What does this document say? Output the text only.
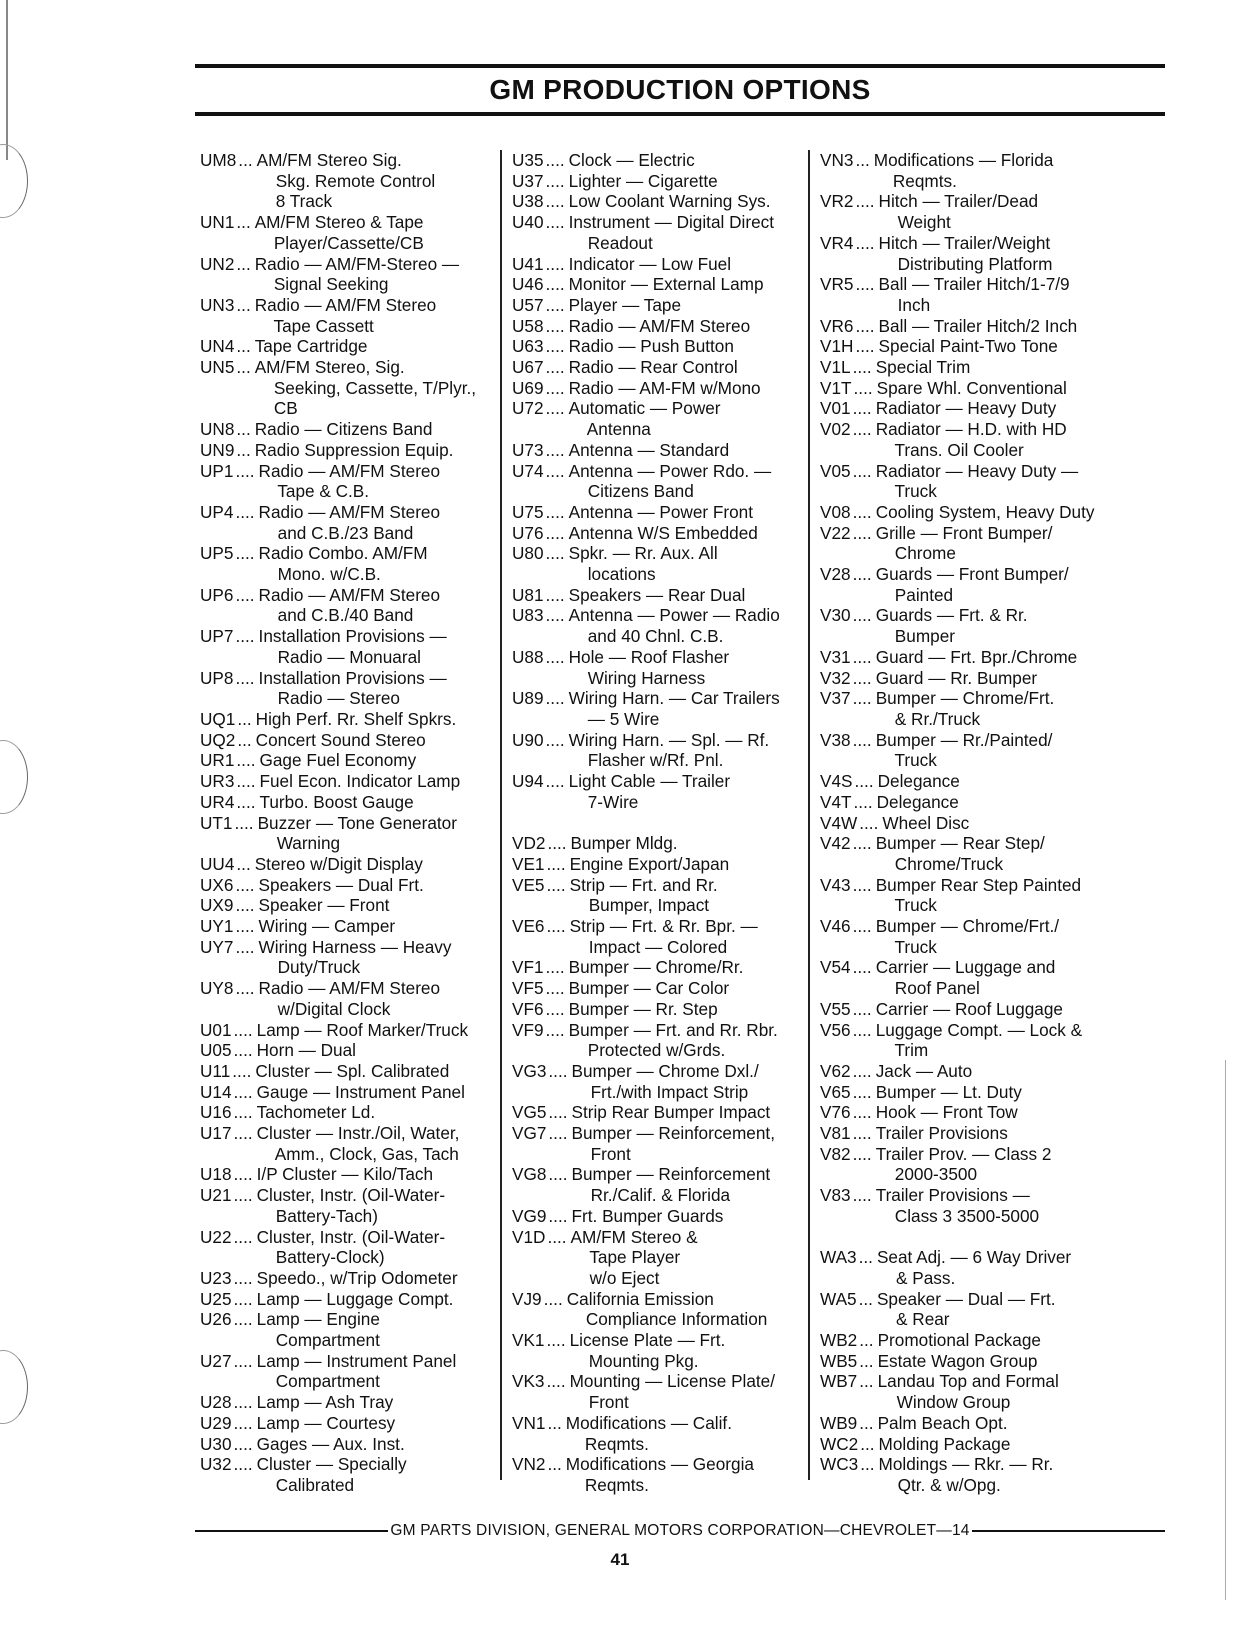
GM PRODUCTION OPTIONS
UM8 ... AM/FM Stereo Sig.
Skg. Remote Control
8 Track
UN1 ... AM/FM Stereo & Tape
Player/Cassette/CB
UN2 ... Radio — AM/FM-Stereo —
Signal Seeking
UN3 ... Radio — AM/FM Stereo
Tape Cassett
UN4 ... Tape Cartridge
UN5 ... AM/FM Stereo, Sig.
Seeking, Cassette, T/Plyr.,
CB
UN8 ... Radio — Citizens Band
UN9 ... Radio Suppression Equip.
UP1 .... Radio — AM/FM Stereo
Tape & C.B.
UP4 .... Radio — AM/FM Stereo
and C.B./23 Band
UP5 .... Radio Combo. AM/FM
Mono. w/C.B.
UP6 .... Radio — AM/FM Stereo
and C.B./40 Band
UP7 .... Installation Provisions —
Radio — Monuaral
UP8 .... Installation Provisions —
Radio — Stereo
UQ1 ... High Perf. Rr. Shelf Spkrs.
UQ2 ... Concert Sound Stereo
UR1 .... Gage Fuel Economy
UR3 .... Fuel Econ. Indicator Lamp
UR4 .... Turbo. Boost Gauge
UT1 .... Buzzer — Tone Generator
Warning
UU4 ... Stereo w/Digit Display
UX6 .... Speakers — Dual Frt.
UX9 .... Speaker — Front
UY1 .... Wiring — Camper
UY7 .... Wiring Harness — Heavy
Duty/Truck
UY8 .... Radio — AM/FM Stereo
w/Digital Clock
U01 .... Lamp — Roof Marker/Truck
U05 .... Horn — Dual
U11 .... Cluster — Spl. Calibrated
U14 .... Gauge — Instrument Panel
U16 .... Tachometer Ld.
U17 .... Cluster — Instr./Oil, Water,
Amm., Clock, Gas, Tach
U18 .... I/P Cluster — Kilo/Tach
U21 .... Cluster, Instr. (Oil-Water-
Battery-Tach)
U22 .... Cluster, Instr. (Oil-Water-
Battery-Clock)
U23 .... Speedo., w/Trip Odometer
U25 .... Lamp — Luggage Compt.
U26 .... Lamp — Engine
Compartment
U27 .... Lamp — Instrument Panel
Compartment
U28 .... Lamp — Ash Tray
U29 .... Lamp — Courtesy
U30 .... Gages — Aux. Inst.
U32 .... Cluster — Specially
Calibrated
U35 .... Clock — Electric
U37 .... Lighter — Cigarette
U38 .... Low Coolant Warning Sys.
U40 .... Instrument — Digital Direct
Readout
U41 .... Indicator — Low Fuel
U46 .... Monitor — External Lamp
U57 .... Player — Tape
U58 .... Radio — AM/FM Stereo
U63 .... Radio — Push Button
U67 .... Radio — Rear Control
U69 .... Radio — AM-FM w/Mono
U72 .... Automatic — Power
Antenna
U73 .... Antenna — Standard
U74 .... Antenna — Power Rdo. —
Citizens Band
U75 .... Antenna — Power Front
U76 .... Antenna W/S Embedded
U80 .... Spkr. — Rr. Aux. All
locations
U81 .... Speakers — Rear Dual
U83 .... Antenna — Power — Radio
and 40 Chnl. C.B.
U88 .... Hole — Roof Flasher
Wiring Harness
U89 .... Wiring Harn. — Car Trailers
— 5 Wire
U90 .... Wiring Harn. — Spl. — Rf.
Flasher w/Rf. Pnl.
U94 .... Light Cable — Trailer
7-Wire
VD2 .... Bumper Mldg.
VE1 .... Engine Export/Japan
VE5 .... Strip — Frt. and Rr.
Bumper, Impact
VE6 .... Strip — Frt. & Rr. Bpr. —
Impact — Colored
VF1 .... Bumper — Chrome/Rr.
VF5 .... Bumper — Car Color
VF6 .... Bumper — Rr. Step
VF9 .... Bumper — Frt. and Rr. Rbr.
Protected w/Grds.
VG3 .... Bumper — Chrome Dxl./
Frt./with Impact Strip
VG5 .... Strip Rear Bumper Impact
VG7 .... Bumper — Reinforcement,
Front
VG8 .... Bumper — Reinforcement
Rr./Calif. & Florida
VG9 .... Frt. Bumper Guards
V1D .... AM/FM Stereo &
Tape Player
w/o Eject
VJ9 .... California Emission
Compliance Information
VK1 .... License Plate — Frt.
Mounting Pkg.
VK3 .... Mounting — License Plate/
Front
VN1 ... Modifications — Calif.
Reqmts.
VN2 ... Modifications — Georgia
Reqmts.
VN3 ... Modifications — Florida
Reqmts.
VR2 .... Hitch — Trailer/Dead
Weight
VR4 .... Hitch — Trailer/Weight
Distributing Platform
VR5 .... Ball — Trailer Hitch/1-7/9
Inch
VR6 .... Ball — Trailer Hitch/2 Inch
V1H .... Special Paint-Two Tone
V1L .... Special Trim
V1T .... Spare Whl. Conventional
V01 .... Radiator — Heavy Duty
V02 .... Radiator — H.D. with HD
Trans. Oil Cooler
V05 .... Radiator — Heavy Duty —
Truck
V08 .... Cooling System, Heavy Duty
V22 .... Grille — Front Bumper/
Chrome
V28 .... Guards — Front Bumper/
Painted
V30 .... Guards — Frt. & Rr.
Bumper
V31 .... Guard — Frt. Bpr./Chrome
V32 .... Guard — Rr. Bumper
V37 .... Bumper — Chrome/Frt.
& Rr./Truck
V38 .... Bumper — Rr./Painted/
Truck
V4S .... Delegance
V4T .... Delegance
V4W .... Wheel Disc
V42 .... Bumper — Rear Step/
Chrome/Truck
V43 .... Bumper Rear Step Painted
Truck
V46 .... Bumper — Chrome/Frt./
Truck
V54 .... Carrier — Luggage and
Roof Panel
V55 .... Carrier — Roof Luggage
V56 .... Luggage Compt. — Lock &
Trim
V62 .... Jack — Auto
V65 .... Bumper — Lt. Duty
V76 .... Hook — Front Tow
V81 .... Trailer Provisions
V82 .... Trailer Prov. — Class 2
2000-3500
V83 .... Trailer Provisions —
Class 3 3500-5000
WA3 ... Seat Adj. — 6 Way Driver
& Pass.
WA5 ... Speaker — Dual — Frt.
& Rear
WB2 ... Promotional Package
WB5 ... Estate Wagon Group
WB7 ... Landau Top and Formal
Window Group
WB9 ... Palm Beach Opt.
WC2 ... Molding Package
WC3 ... Moldings — Rkr. — Rr.
Qtr. & w/Opg.
GM PARTS DIVISION, GENERAL MOTORS CORPORATION—CHEVROLET—14
41
